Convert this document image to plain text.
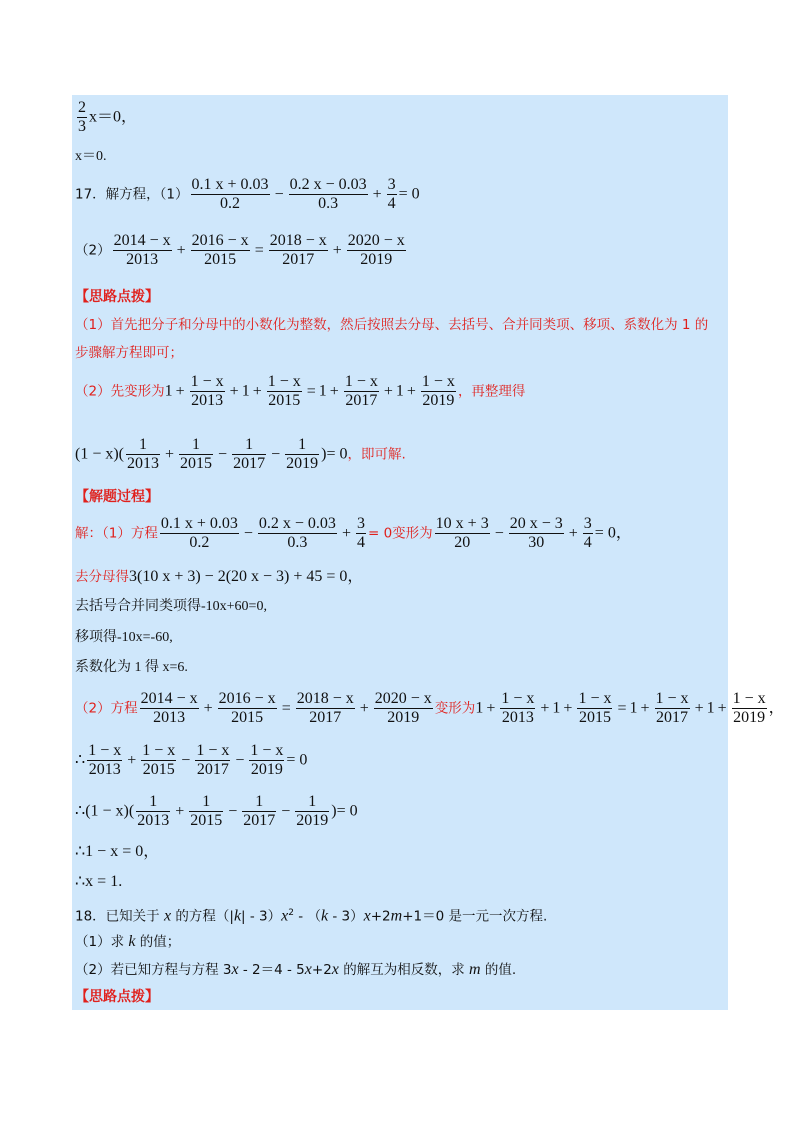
$\frac{2}{3} x=0$，
x＝0.
17．解方程，$(1) \frac{0.1 x + 0.03}{0.2} - \frac{0.2 x - 0.03}{0.3} + \frac{3}{4} = 0$
$(2) \frac{2014 - x}{2013} + \frac{2016 - x}{2015} = \frac{2018 - x}{2017} + \frac{2020 - x}{2019}$
【思路点拨】
（1）首先把分子和分母中的小数化为整数，然后按照去分母、去括号、合并同类项、移项、系数化为 1 的
步骤解方程即可；
（2）先变形为$1 + \frac{1 - x}{2013} + 1 + \frac{1 - x}{2015} = 1 + \frac{1 - x}{2017} + 1 + \frac{1 - x}{2019}$ ，再整理得
$(1 - x)( \frac{1}{2013} + \frac{1}{2015} - \frac{1}{2017} - \frac{1}{2019}$ )= 0，即可解.
【解题过程】
解：（1）方程 $\frac{0.1 x + 0.03}{0.2} - \frac{0.2 x - 0.03}{0.3} + \frac{3}{4} = 0$变形为 $\frac{10 x + 3}{20} - \frac{20 x - 3}{30} + \frac{3}{4} = 0$，
去分母得3(10 x + 3) − 2(20 x − 3) + 45 = 0，
去括号合并同类项得-10x+60=0,
移项得-10x=-60,
系数化为 1 得 x=6.
（2）方程 $\frac{2014 - x}{2013} + \frac{2016 - x}{2015} = \frac{2018 - x}{2017} + \frac{2020 - x}{2019}$ 变形为$1 + \frac{1 - x}{2013} + 1 + \frac{1 - x}{2015} = 1 + \frac{1 - x}{2017} + 1 + \frac{1 - x}{2019}$ ，
∴ $\frac{1 - x}{2013} + \frac{1 - x}{2015} - \frac{1 - x}{2017} - \frac{1 - x}{2019} = 0$
∴(1 − $x)( \frac{1}{2013} + \frac{1}{2015} - \frac{1}{2017} - \frac{1}{2019}$ )= 0
∴1 − x = 0，
∴x = 1.
18．已知关于 x 的方程$(|k| - 3)x^2 - (k - 3)x+2m+1=0$ 是一元一次方程.
（1）求 k 的值；
（2）若已知方程与方程 3x - 2＝4 - 5x+2x 的解互为相反数，求 m 的值.
【思路点拨】
